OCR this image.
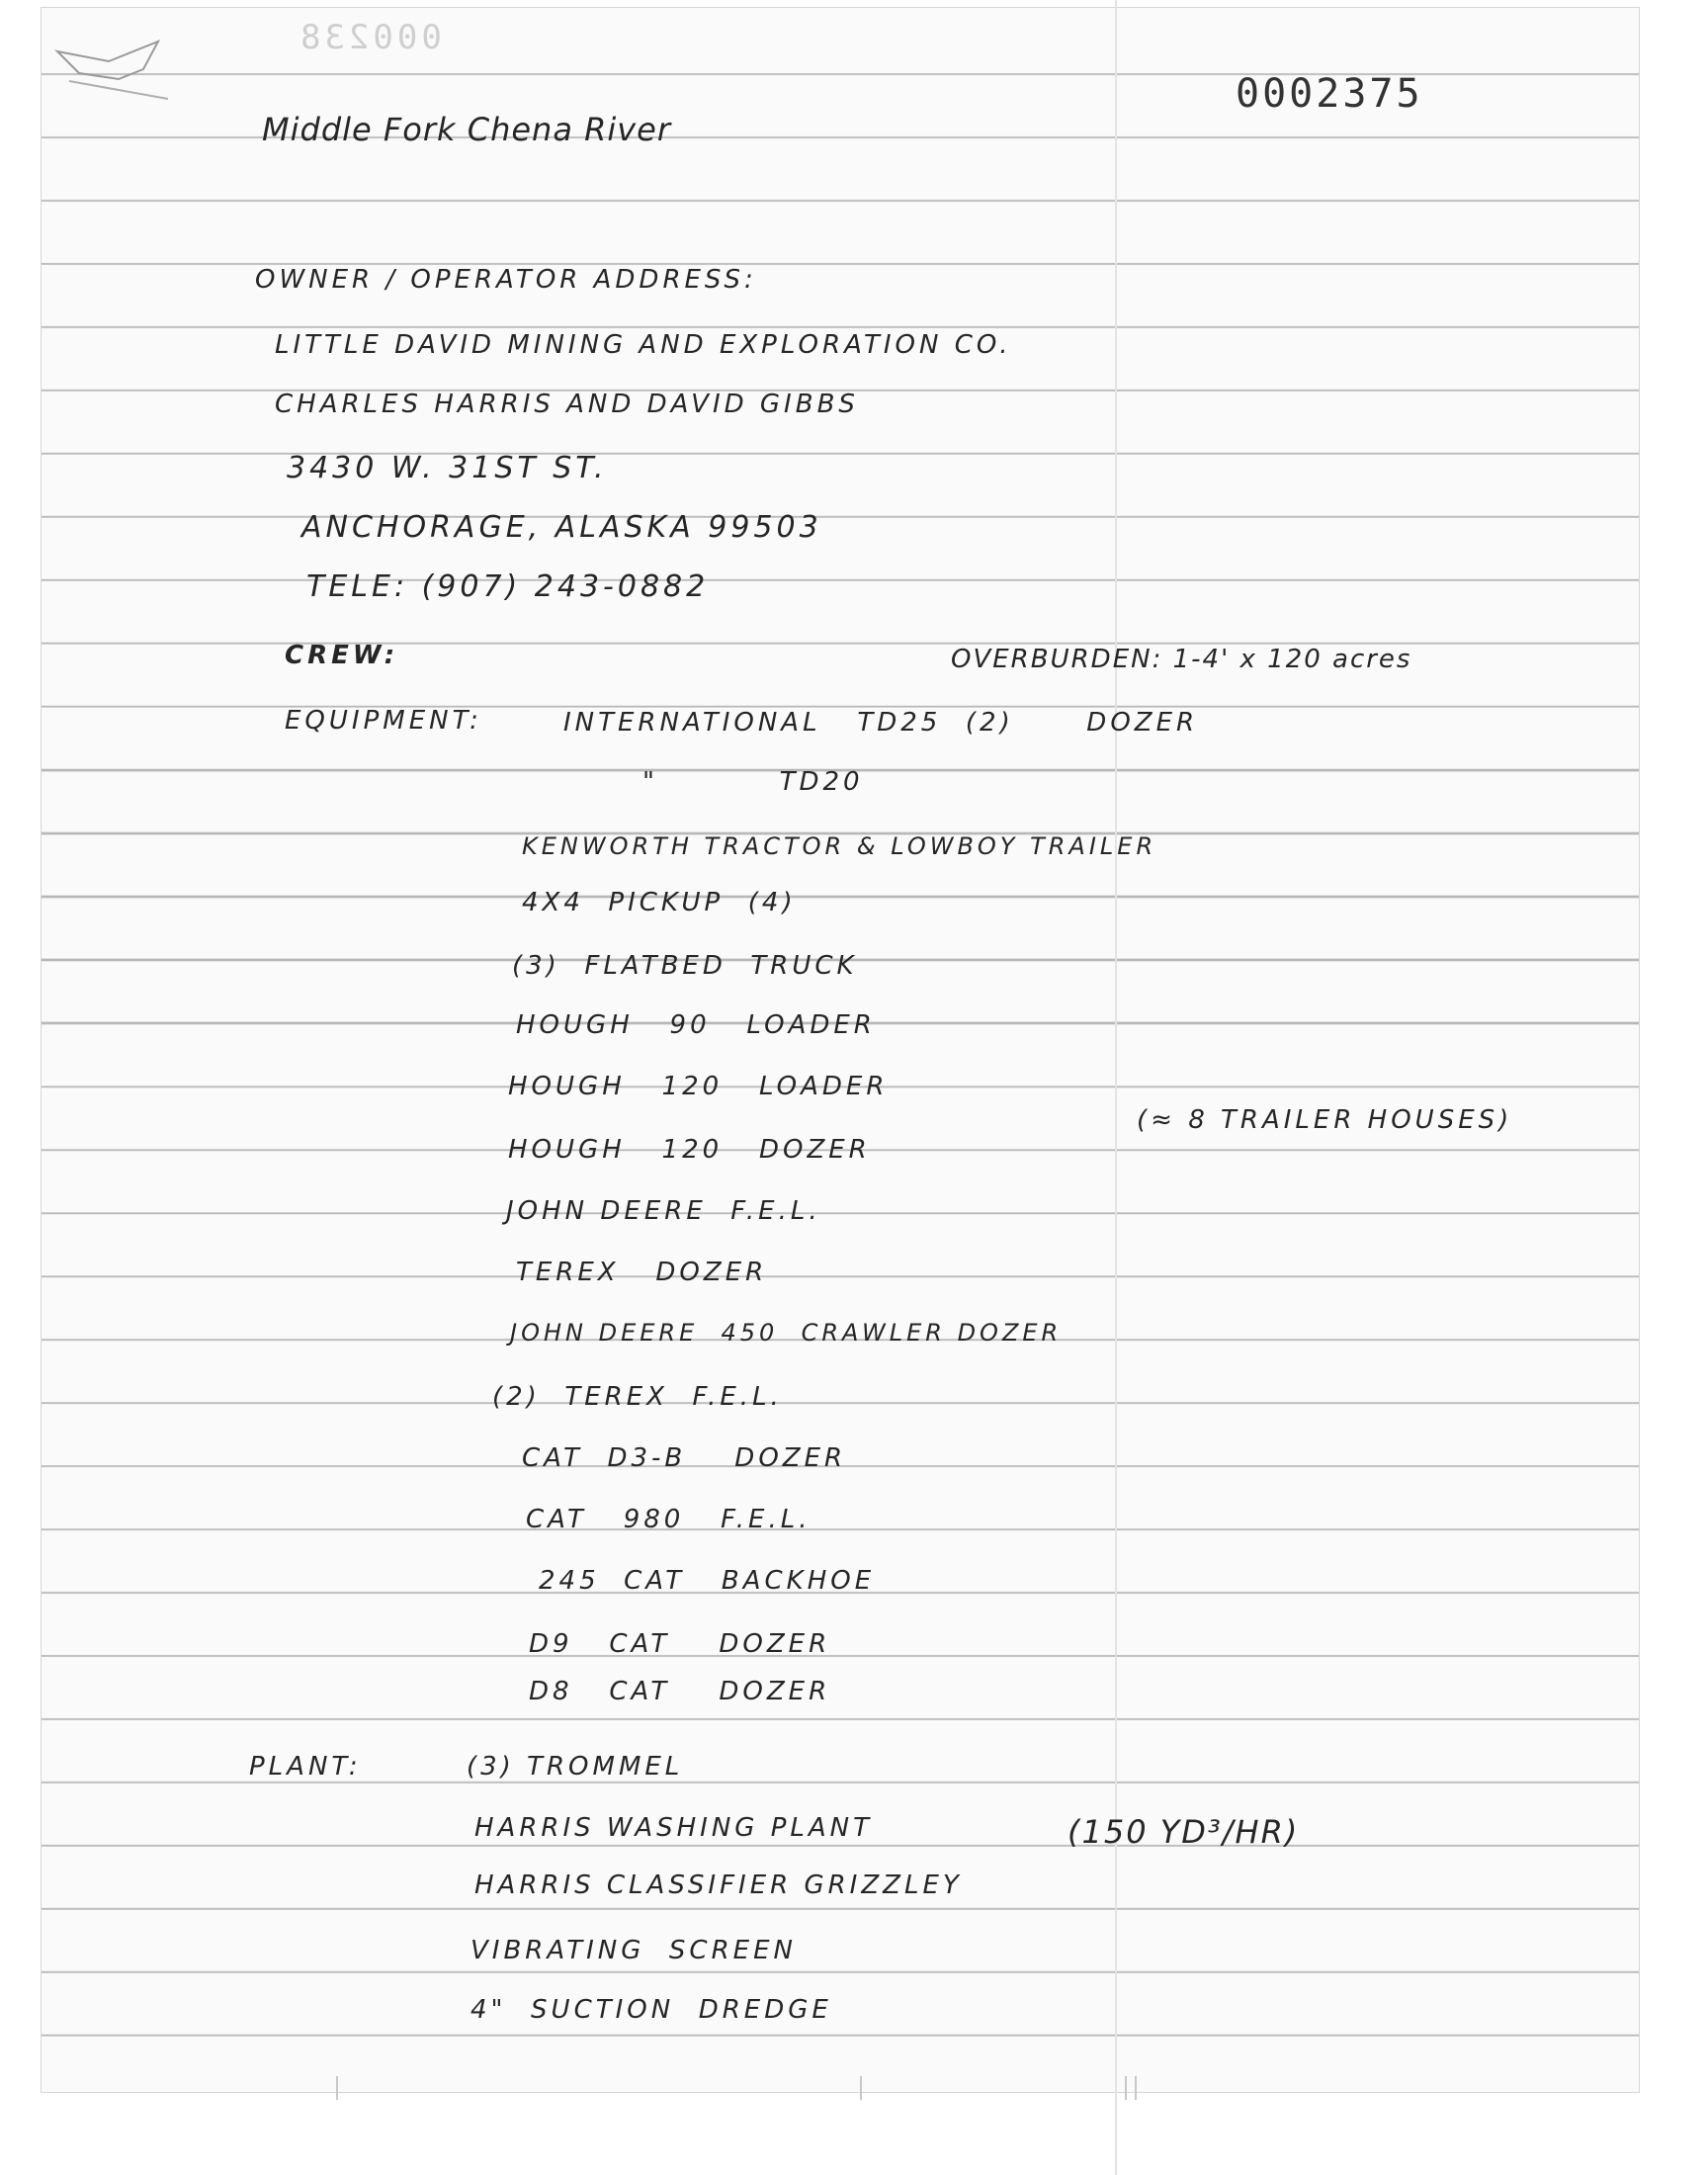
000238
0002375
Middle Fork Chena River
OWNER / OPERATOR ADDRESS:
LITTLE DAVID MINING AND EXPLORATION CO.
CHARLES HARRIS AND DAVID GIBBS
3430 W. 31ST ST.
ANCHORAGE, ALASKA 99503
TELE: (907) 243-0882
CREW:	OVERBURDEN: 1-4' x 120 acres
EQUIPMENT:	INTERNATIONAL   TD25  (2)      DOZER
"          TD20
KENWORTH TRACTOR & LOWBOY TRAILER
4X4  PICKUP  (4)
(3)  FLATBED  TRUCK
HOUGH   90   LOADER
HOUGH   120   LOADER
HOUGH   120   DOZER
JOHN DEERE  F.E.L.
TEREX   DOZER
JOHN DEERE  450  CRAWLER DOZER
(2)  TEREX  F.E.L.
CAT  D3-B    DOZER
CAT   980   F.E.L.
245  CAT   BACKHOE
D9   CAT    DOZER
D8   CAT    DOZER
(≈ 8 TRAILER HOUSES)
PLANT:	(3) TROMMEL
HARRIS WASHING PLANT
HARRIS CLASSIFIER GRIZZLEY
VIBRATING  SCREEN
4"  SUCTION  DREDGE
(150 YD³/HR)
